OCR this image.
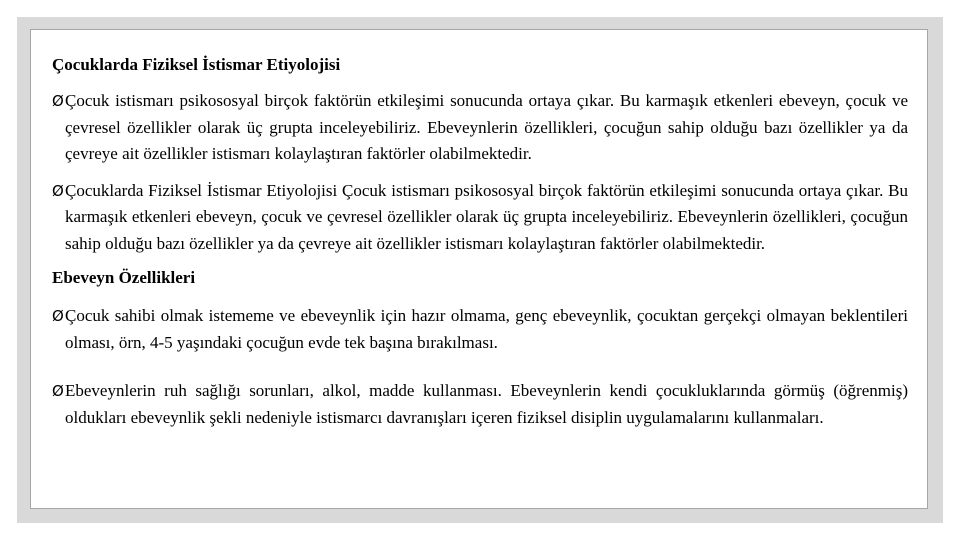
Çocuklarda Fiziksel İstismar Etiyolojisi
Ø Çocuk istismarı psikososyal birçok faktörün etkileşimi sonucunda ortaya çıkar. Bu karmaşık etkenleri ebeveyn, çocuk ve çevresel özellikler olarak üç grupta inceleyebiliriz. Ebeveynlerin özellikleri, çocuğun sahip olduğu bazı özellikler ya da çevreye ait özellikler istismarı kolaylaştıran faktörler olabilmektedir.
Ø Çocuklarda Fiziksel İstismar Etiyolojisi Çocuk istismarı psikososyal birçok faktörün etkileşimi sonucunda ortaya çıkar. Bu karmaşık etkenleri ebeveyn, çocuk ve çevresel özellikler olarak üç grupta inceleyebiliriz. Ebeveynlerin özellikleri, çocuğun sahip olduğu bazı özellikler ya da çevreye ait özellikler istismarı kolaylaştıran faktörler olabilmektedir.
Ebeveyn Özellikleri
Ø Çocuk sahibi olmak istememe ve ebeveynlik için hazır olmama, genç ebeveynlik, çocuktan gerçekçi olmayan beklentileri olması, örn, 4-5 yaşındaki çocuğun evde tek başına bırakılması.
Ø Ebeveynlerin ruh sağlığı sorunları, alkol, madde kullanması. Ebeveynlerin kendi çocukluklarında görmüş (öğrenmiş) oldukları ebeveynlik şekli nedeniyle istismarcı davranışları içeren fiziksel disiplin uygulamalarını kullanmaları.
